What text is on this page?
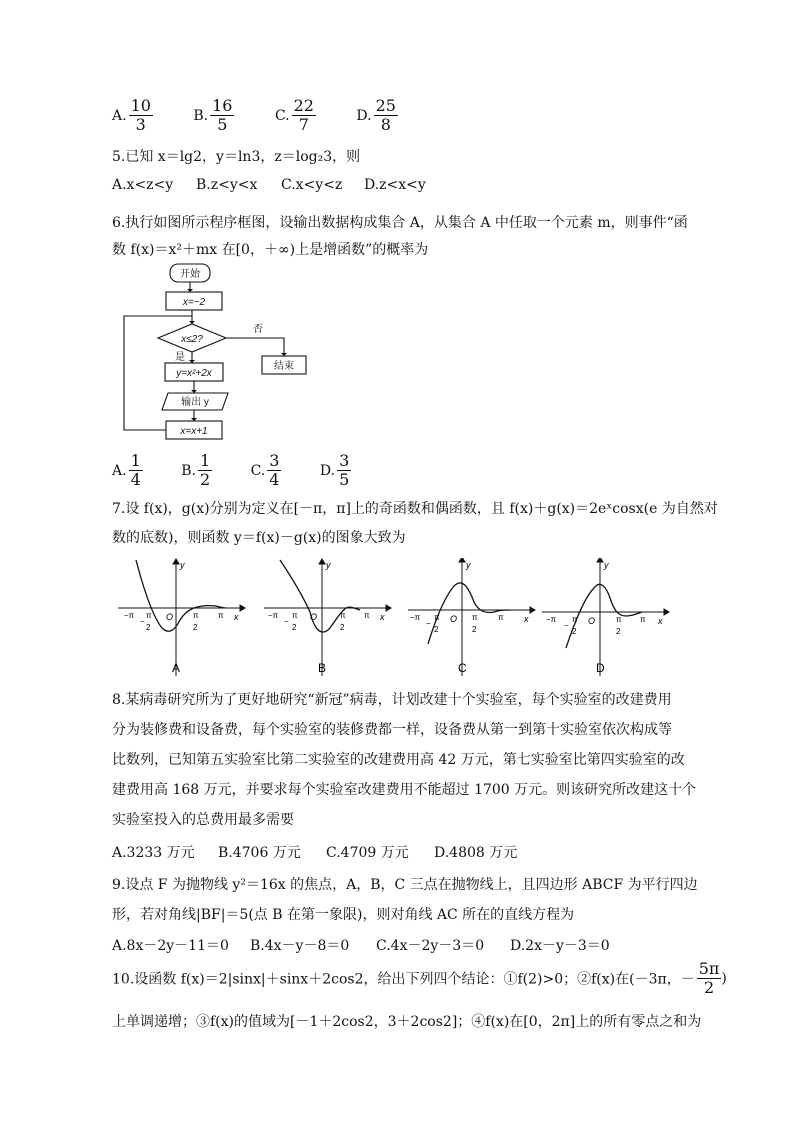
A. $\frac{10}{3}$	B. $\frac{16}{5}$	C. $\frac{22}{7}$	D. $\frac{25}{8}$
5.已知 x＝lg2，y＝ln3，z＝log₂3，则
A.x<z<y B.z<y<x C.x<y<z D.z<x<y
6.执行如图所示程序框图，设输出数据构成集合 A，从集合 A 中任取一个元素 m，则事件“函
数 f(x)＝x²＋mx 在[0，＋∞)上是增函数”的概率为
开始
x=−2
x≤2?
否
是
y=x²+2x
输出 y
x=x+1
结束
A. $\frac{1}{4}$	B. $\frac{1}{2}$	C. $\frac{3}{4}$	D. $\frac{3}{5}$
7.设 f(x)，g(x)分别为定义在[－π，π]上的奇函数和偶函数，且 f(x)＋g(x)＝2eˣcosx(e 为自然对
数的底数)，则函数 y＝f(x)－g(x)的图象大致为
y
x
O
−π
−
π
2
π
2
π
A
y
x
O
−π
−
π
2
π
2
π
B
y
x
O
−π
−
π
2
π
2
π
C
y
x
O
−π
−
π
2
π
2
π
D
8.某病毒研究所为了更好地研究“新冠”病毒，计划改建十个实验室，每个实验室的改建费用
分为装修费和设备费，每个实验室的装修费都一样，设备费从第一到第十实验室依次构成等
比数列，已知第五实验室比第二实验室的改建费用高 42 万元，第七实验室比第四实验室的改
建费用高 168 万元，并要求每个实验室改建费用不能超过 1700 万元。则该研究所改建这十个
实验室投入的总费用最多需要
A.3233 万元 B.4706 万元 C.4709 万元 D.4808 万元
9.设点 F 为抛物线 y²＝16x 的焦点，A，B，C 三点在抛物线上，且四边形 ABCF 为平行四边
形，若对角线|BF|＝5(点 B 在第一象限)，则对角线 AC 所在的直线方程为
A.8x－2y－11＝0 B.4x－y－8＝0 C.4x－2y－3＝0 D.2x－y－3＝0
10.设函数 f(x)＝2|sinx|＋sinx＋2cos2，给出下列四个结论：①f(2)>0；②f(x)在(－3π，－ $\frac{5\pi}{2}$ )
上单调递增；③f(x)的值域为[－1＋2cos2，3＋2cos2]；④f(x)在[0，2π]上的所有零点之和为
